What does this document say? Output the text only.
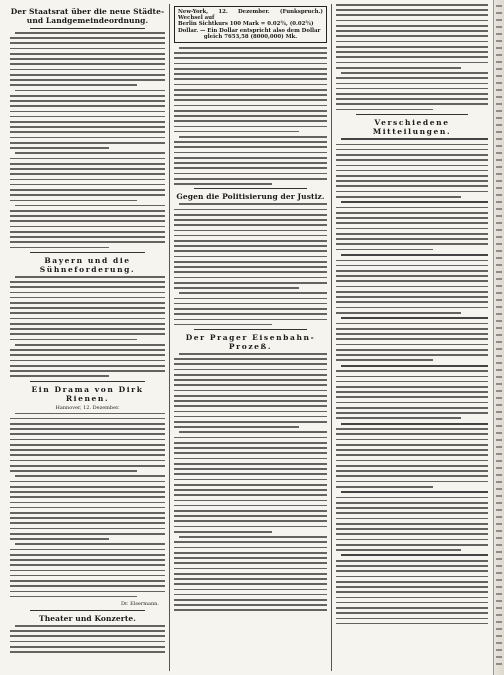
Der Staatsrat über die neue Städte- und Landgemeindeordnung.
Bayern und die Sühneforderung.
Ein Drama von Dirk Rienen.
Hannover, 12. Dezember.
Dr. Elsermann.
Theater und Konzerte.
New-York, 12. Dezember. (Funkspruch.) Wechsel auf
Berlin Sichtkurs 100 Mark = 0.02¾, (0.02¾)
Dollar. — Ein Dollar entspricht also dem Dollar
gleich 7653,58 (8000,000) Mk.
Gegen die Politisierung der Justiz.
Der Prager Eisenbahn-Prozeß.
Verschiedene Mitteilungen.
